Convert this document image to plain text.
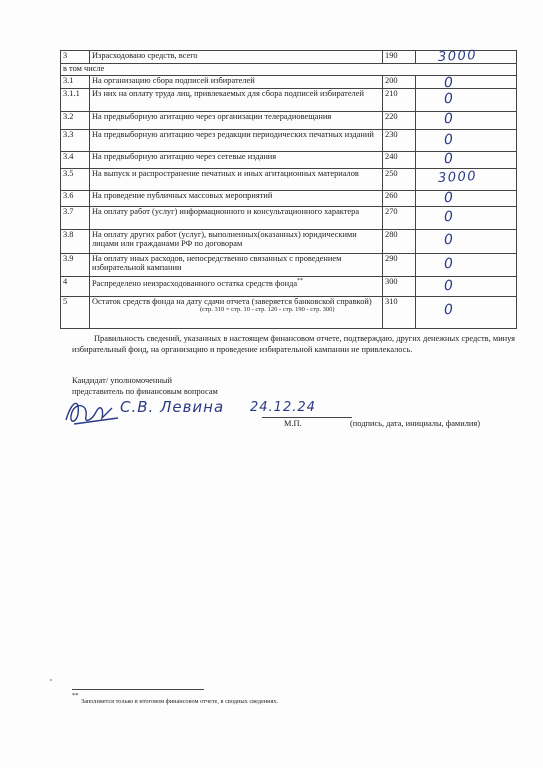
3	Израсходовано средств, всего	190	3000

в том числе			
3.1	На организацию сбора подписей избирателей	200	0

3.1.1	Из них на оплату труда лиц, привлекаемых для сбора подписей избирателей	210	0

3.2	На предвыборную агитацию через организации телерадиовещания	220	0

3.3	На предвыборную агитацию через редакции периодических печатных изданий	230	0

3.4	На предвыборную агитацию через сетевые издания	240	0

3.5	На выпуск и распространение печатных и иных агитационных материалов	250	3000

3.6	На проведение публичных массовых мероприятий	260	0

3.7	На оплату работ (услуг) информационного и консультационного характера	270	0

3.8	На оплату других работ (услуг), выполненных(оказанных) юридическими лицами или гражданами РФ по договорам	280	0

3.9	На оплату иных расходов, непосредственно связанных с проведением избирательной кампании	290	0

4	Распределено неизрасходованного остатка средств фонда**	300	0

5	Остаток средств фонда на дату сдачи отчета (заверяется банковской справкой)
(стр. 310 = стр. 10 - стр. 120 - стр. 190 - стр. 300)	310	0
Правильность сведений, указанных в настоящем финансовом отчете, подтверждаю, других денежных средств, минуя избирательный фонд, на организацию и проведение избирательной кампании не привлекалось.
Кандидат/ уполномоченный
представитель по финансовым вопросам
С.В. Левина 24.12.24
М.П.	(подпись, дата, инициалы, фамилия)
**
Заполняется только в итоговом финансовом отчете, в сводных сведениях.
